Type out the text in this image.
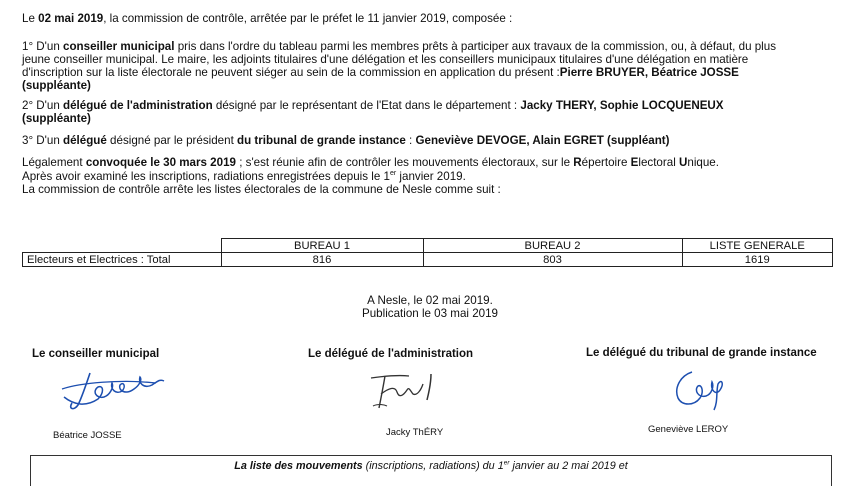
Le 02 mai 2019, la commission de contrôle, arrêtée par le préfet le 11 janvier 2019, composée :
1° D'un conseiller municipal pris dans l'ordre du tableau parmi les membres prêts à participer aux travaux de la commission, ou, à défaut, du plus
jeune conseiller municipal. Le maire, les adjoints titulaires d'une délégation et les conseillers municipaux titulaires d'une délégation en matière
d'inscription sur la liste électorale ne peuvent siéger au sein de la commission en application du présent :Pierre BRUYER, Béatrice JOSSE
(suppléante)
2° D'un délégué de l'administration désigné par le représentant de l'Etat dans le département : Jacky THERY, Sophie LOCQUENEUX
(suppléante)
3° D'un délégué désigné par le président du tribunal de grande instance : Geneviève DEVOGE, Alain EGRET (suppléant)
Légalement convoquée le 30 mars 2019 ; s'est réunie afin de contrôler les mouvements électoraux, sur le Répertoire Electoral Unique.
Après avoir examiné les inscriptions, radiations enregistrées depuis le 1er janvier 2019.
La commission de contrôle arrête les listes électorales de la commune de Nesle comme suit :
	BUREAU 1	BUREAU 2	LISTE GENERALE
Electeurs et Electrices : Total	816	803	1619
A Nesle, le 02 mai 2019.
Publication le 03 mai 2019
Le conseiller municipal	Le délégué de l'administration	Le délégué du tribunal de grande instance
Béatrice JOSSE	Jacky ThÉRY	Geneviève LEROY
La liste des mouvements (inscriptions, radiations) du 1er janvier au 2 mai 2019 et
